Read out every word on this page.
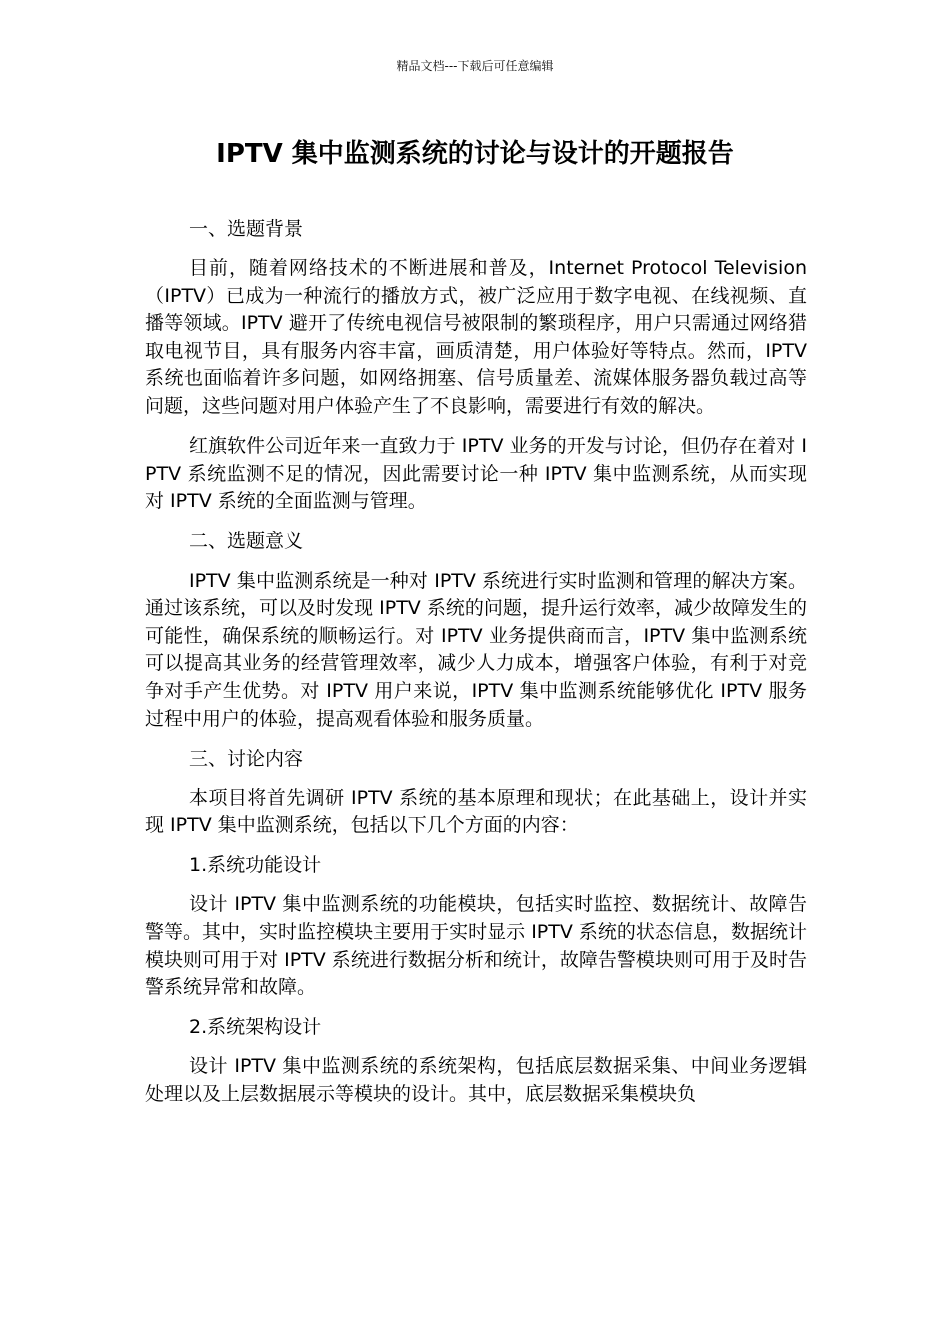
精品文档---下载后可任意编辑
IPTV 集中监测系统的讨论与设计的开题报告

一、选题背景

目前，随着网络技术的不断进展和普及，Internet Protocol Television（IPTV）已成为一种流行的播放方式，被广泛应用于数字电视、在线视频、直播等领域。IPTV 避开了传统电视信号被限制的繁琐程序，用户只需通过网络猎取电视节目，具有服务内容丰富，画质清楚，用户体验好等特点。然而，IPTV 系统也面临着许多问题，如网络拥塞、信号质量差、流媒体服务器负载过高等问题，这些问题对用户体验产生了不良影响，需要进行有效的解决。

红旗软件公司近年来一直致力于 IPTV 业务的开发与讨论，但仍存在着对 IPTV 系统监测不足的情况，因此需要讨论一种 IPTV 集中监测系统，从而实现对 IPTV 系统的全面监测与管理。

二、选题意义

IPTV 集中监测系统是一种对 IPTV 系统进行实时监测和管理的解决方案。通过该系统，可以及时发现 IPTV 系统的问题，提升运行效率，减少故障发生的可能性，确保系统的顺畅运行。对 IPTV 业务提供商而言，IPTV 集中监测系统可以提高其业务的经营管理效率，减少人力成本，增强客户体验，有利于对竞争对手产生优势。对 IPTV 用户来说，IPTV 集中监测系统能够优化 IPTV 服务过程中用户的体验，提高观看体验和服务质量。

三、讨论内容

本项目将首先调研 IPTV 系统的基本原理和现状；在此基础上，设计并实现 IPTV 集中监测系统，包括以下几个方面的内容：

1.系统功能设计

设计 IPTV 集中监测系统的功能模块，包括实时监控、数据统计、故障告警等。其中，实时监控模块主要用于实时显示 IPTV 系统的状态信息，数据统计模块则可用于对 IPTV 系统进行数据分析和统计，故障告警模块则可用于及时告警系统异常和故障。

2.系统架构设计

设计 IPTV 集中监测系统的系统架构，包括底层数据采集、中间业务逻辑处理以及上层数据展示等模块的设计。其中，底层数据采集模块负
